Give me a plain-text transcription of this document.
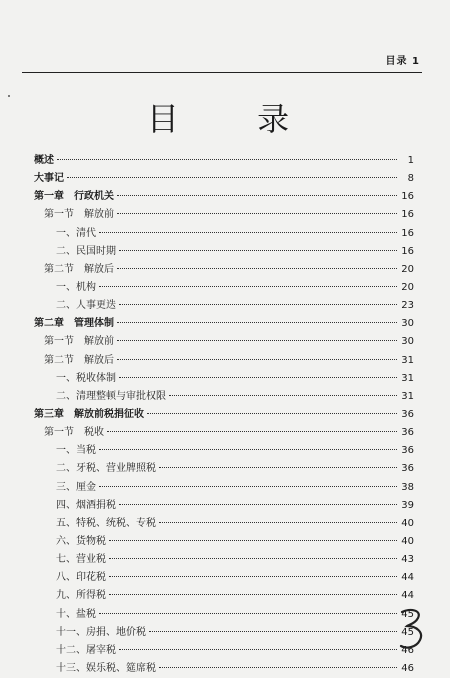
目录 1
目 录
概述	1
大事记	8
第一章　行政机关	16
第一节　解放前	16
一、清代	16
二、民国时期	16
第二节　解放后	20
一、机构	20
二、人事更迭	23
第二章　管理体制	30
第一节　解放前	30
第二节　解放后	31
一、税收体制	31
二、清理整顿与审批权限	31
第三章　解放前税捐征收	36
第一节　税收	36
一、当税	36
二、牙税、营业牌照税	36
三、厘金	38
四、烟酒捐税	39
五、特税、统税、专税	40
六、货物税	40
七、营业税	43
八、印花税	44
九、所得税	44
十、盐税	45
十一、房捐、地价税	45
十二、屠宰税	46
十三、娱乐税、筵席税	46
